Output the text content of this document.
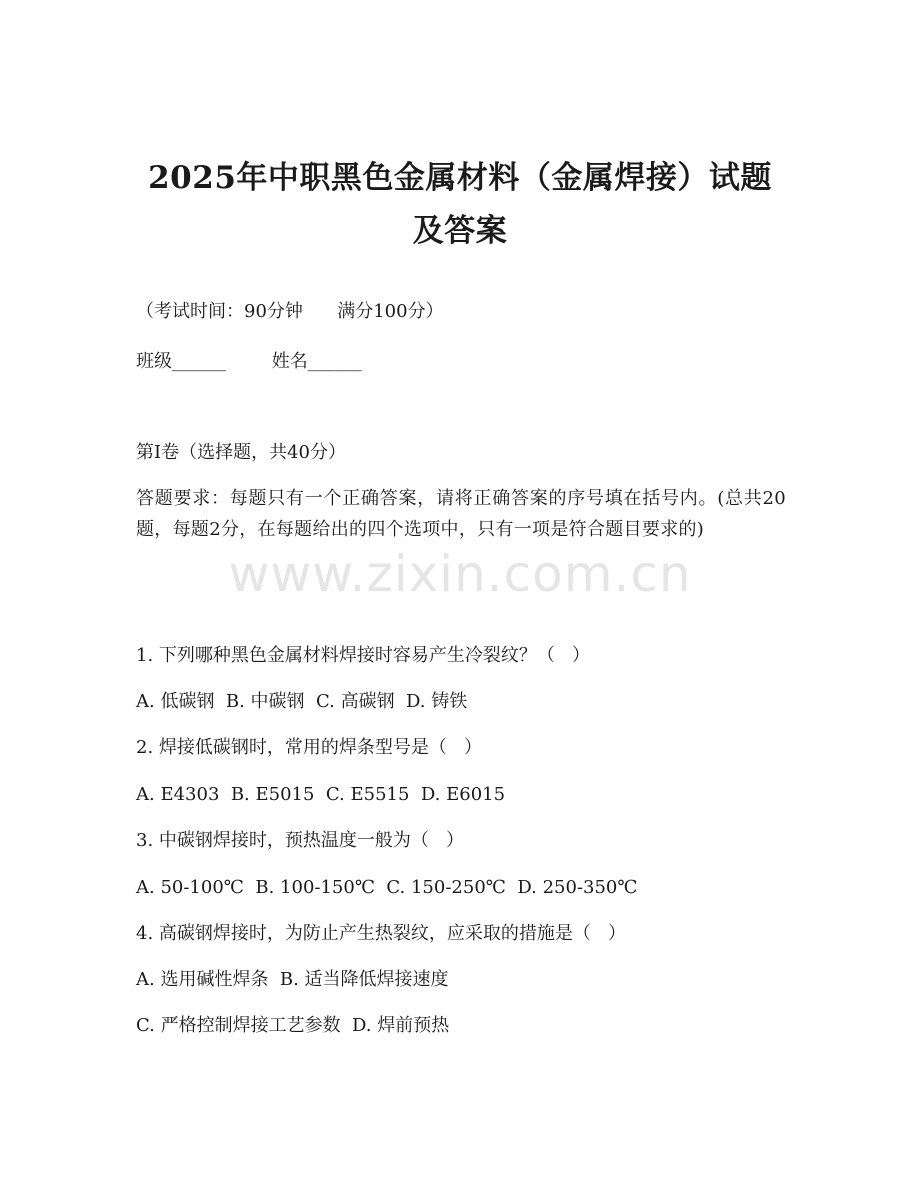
2025年中职黑色金属材料（金属焊接）试题
及答案
（考试时间：90分钟      满分100分）
班级______        姓名______
第I卷（选择题，共40分）
答题要求：每题只有一个正确答案，请将正确答案的序号填在括号内。(总共20题，每题2分，在每题给出的四个选项中，只有一项是符合题目要求的)
1. 下列哪种黑色金属材料焊接时容易产生冷裂纹？（   ）
A. 低碳钢  B. 中碳钢  C. 高碳钢  D. 铸铁
2. 焊接低碳钢时，常用的焊条型号是（   ）
A. E4303  B. E5015  C. E5515  D. E6015
3. 中碳钢焊接时，预热温度一般为（   ）
A. 50-100℃  B. 100-150℃  C. 150-250℃  D. 250-350℃
4. 高碳钢焊接时，为防止产生热裂纹，应采取的措施是（   ）
A. 选用碱性焊条  B. 适当降低焊接速度
C. 严格控制焊接工艺参数  D. 焊前预热
www.zixin.com.cn
